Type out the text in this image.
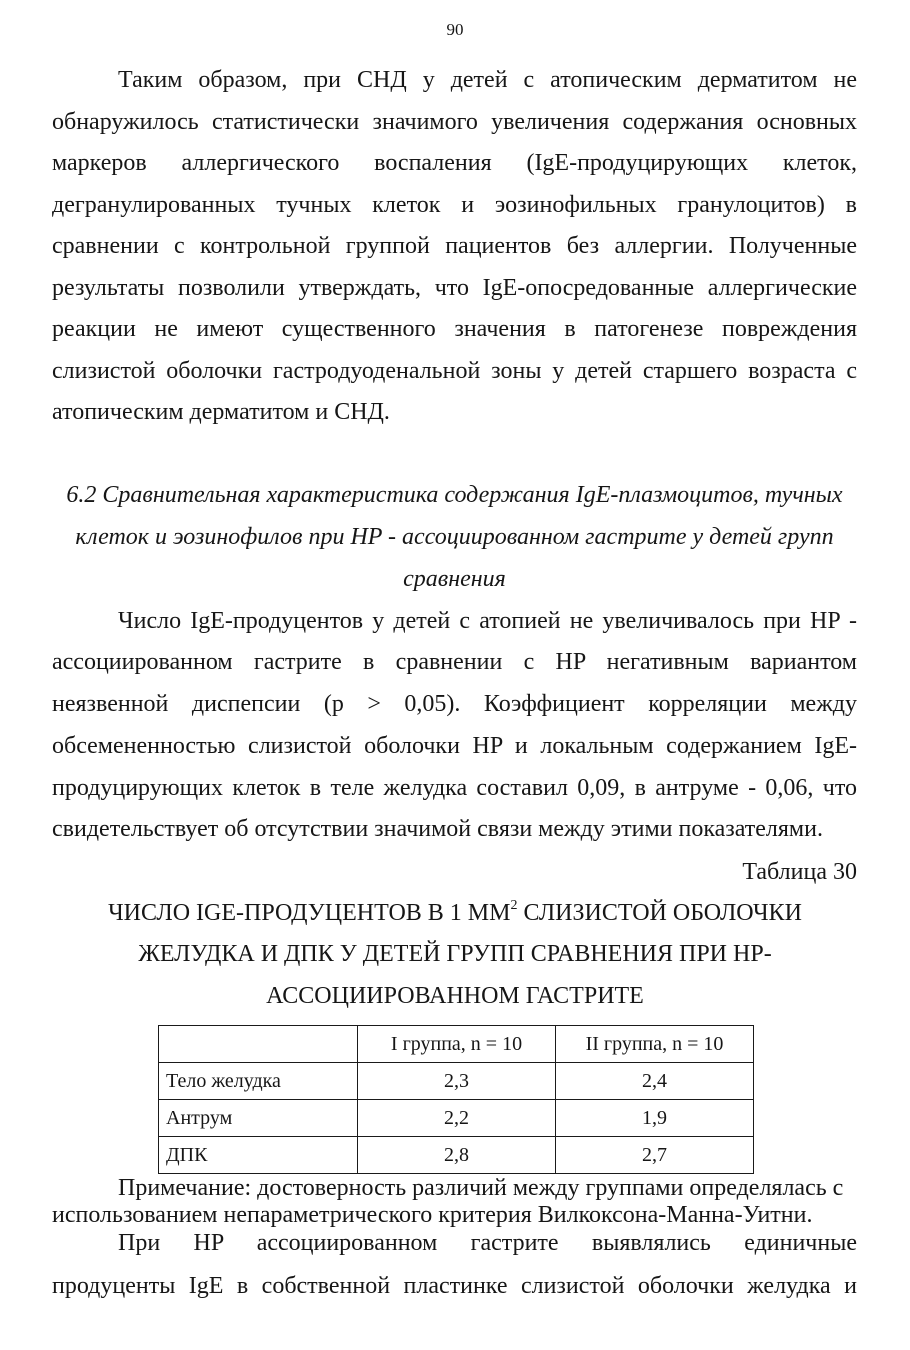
90
Таким образом, при СНД у детей с атопическим дерматитом не
обнаружилось статистически значимого увеличения содержания основных
маркеров аллергического воспаления (IgE-продуцирующих клеток,
дегранулированных тучных клеток и эозинофильных гранулоцитов) в
сравнении с контрольной группой пациентов без аллергии. Полученные
результаты позволили утверждать, что IgE-опосредованные аллергические
реакции не имеют существенного значения в патогенезе повреждения
слизистой оболочки гастродуоденальной зоны у детей старшего возраста с
атопическим дерматитом и СНД.
6.2 Сравнительная характеристика содержания IgE-плазмоцитов, тучных
клеток и эозинофилов при HP - ассоциированном гастрите у детей групп
сравнения
Число IgE-продуцентов у детей с атопией не увеличивалось при HP -
ассоциированном гастрите в сравнении с HP негативным вариантом
неязвенной диспепсии (p > 0,05). Коэффициент корреляции между
обсемененностью слизистой оболочки HP и локальным содержанием IgE-
продуцирующих клеток в теле желудка составил 0,09, в антруме - 0,06, что
свидетельствует об отсутствии значимой связи между этими показателями.
Таблица 30
ЧИСЛО IGE-ПРОДУЦЕНТОВ В 1 $ММ^2$ СЛИЗИСТОЙ ОБОЛОЧКИ
ЖЕЛУДКА И ДПК У ДЕТЕЙ ГРУПП СРАВНЕНИЯ ПРИ HP-
АССОЦИИРОВАННОМ ГАСТРИТЕ
	I группа, n = 10	II группа, n = 10
Тело желудка	2,3	2,4
Антрум	2,2	1,9
ДПК	2,8	2,7
Примечание: достоверность различий между группами определялась с
использованием непараметрического критерия Вилкоксона-Манна-Уитни.
При HP ассоциированном гастрите выявлялись единичные
продуценты IgE в собственной пластинке слизистой оболочки желудка и
